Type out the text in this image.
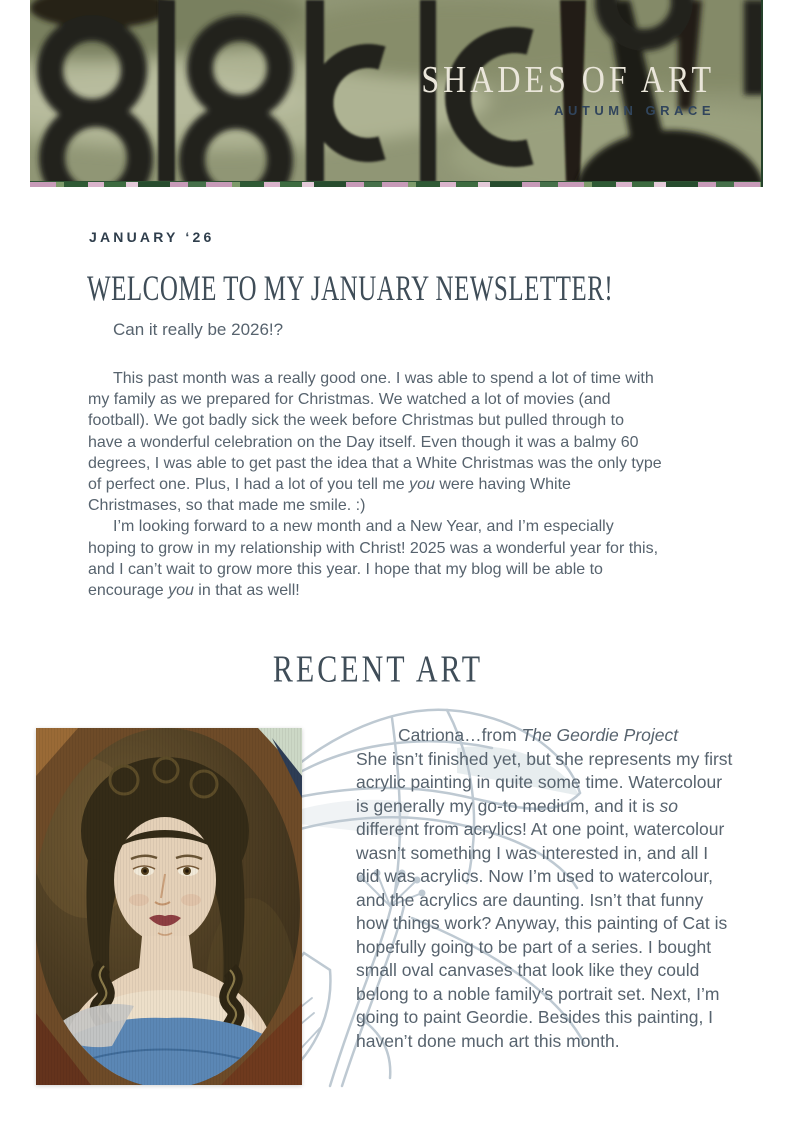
SHADES OF ART
AUTUMN GRACE
JANUARY ‘26
WELCOME TO MY JANUARY NEWSLETTER!
Can it really be 2026!?

This past month was a really good one. I was able to spend a lot of time with my family as we prepared for Christmas. We watched a lot of movies (and football). We got badly sick the week before Christmas but pulled through to have a wonderful celebration on the Day itself. Even though it was a balmy 60 degrees, I was able to get past the idea that a White Christmas was the only type of perfect one. Plus, I had a lot of you tell me you were having White Christmases, so that made me smile. :)

I’m looking forward to a new month and a New Year, and I’m especially hoping to grow in my relationship with Christ! 2025 was a wonderful year for this, and I can’t wait to grow more this year. I hope that my blog will be able to encourage you in that as well!

RECENT ART

Catriona…from The Geordie Project

She isn’t finished yet, but she represents my first acrylic painting in quite some time. Watercolour is generally my go-to medium, and it is so different from acrylics! At one point, watercolour wasn’t something I was interested in, and all I did was acrylics. Now I’m used to watercolour, and the acrylics are daunting. Isn’t that funny how things work? Anyway, this painting of Cat is hopefully going to be part of a series. I bought small oval canvases that look like they could belong to a noble family’s portrait set. Next, I’m going to paint Geordie. Besides this painting, I haven’t done much art this month.
